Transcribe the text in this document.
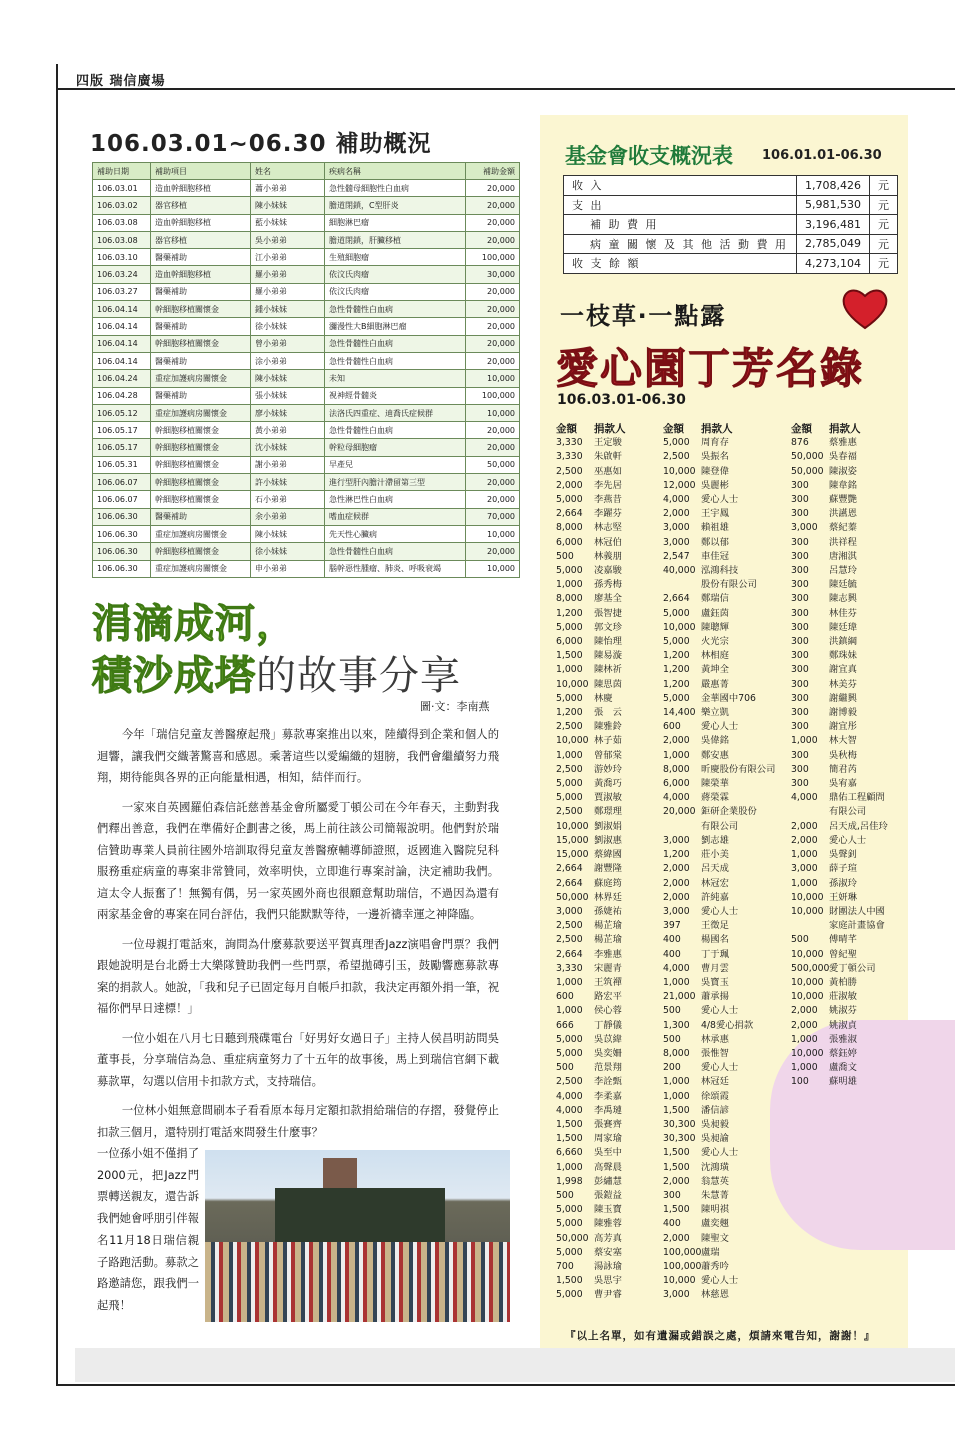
四版 瑞信廣場
106.03.01~06.30 補助概況
補助日期	補助項目	姓名	疾病名稱	補助金額
106.03.01	造血幹細胞移植	蕭小弟弟	急性髓母細胞性白血病	20,000
106.03.02	器官移植	陳小妹妹	膽道閉鎖，C型肝炎	20,000
106.03.08	造血幹細胞移植	藍小妹妹	細胞淋巴瘤	20,000
106.03.08	器官移植	吳小弟弟	膽道閉鎖，肝臟移植	20,000
106.03.10	醫藥補助	江小弟弟	生殖細胞瘤	100,000
106.03.24	造血幹細胞移植	羅小弟弟	依汶氏肉瘤	30,000
106.03.27	醫藥補助	羅小弟弟	依汶氏肉瘤	20,000
106.04.14	幹細胞移植關懷金	鍾小妹妹	急性骨髓性白血病	20,000
106.04.14	醫藥補助	徐小妹妹	瀰漫性大B細胞淋巴瘤	20,000
106.04.14	幹細胞移植關懷金	曾小弟弟	急性骨髓性白血病	20,000
106.04.14	醫藥補助	涂小弟弟	急性骨髓性白血病	20,000
106.04.24	重症加護病房關懷金	陳小妹妹	未知	10,000
106.04.28	醫藥補助	張小妹妹	視神經骨髓炎	100,000
106.05.12	重症加護病房關懷金	廖小妹妹	法洛氏四重症、迪喬氏症候群	10,000
106.05.17	幹細胞移植關懷金	黃小弟弟	急性骨髓性白血病	20,000
106.05.17	幹細胞移植關懷金	沈小妹妹	幹粒母細胞瘤	20,000
106.05.31	幹細胞移植關懷金	謝小弟弟	早產兒	50,000
106.06.07	幹細胞移植關懷金	許小妹妹	進行型肝內膽汁滯留第三型	20,000
106.06.07	幹細胞移植關懷金	石小弟弟	急性淋巴性白血病	20,000
106.06.30	醫藥補助	余小弟弟	嗜血症候群	70,000
106.06.30	重症加護病房關懷金	陳小妹妹	先天性心臟病	10,000
106.06.30	幹細胞移植關懷金	徐小妹妹	急性骨髓性白血病	20,000
106.06.30	重症加護病房關懷金	申小弟弟	腦幹惡性腫瘤、肺炎、呼吸衰竭	10,000
涓滴成河，
積沙成塔的故事分享
圖‧文：李南燕

今年「瑞信兒童友善醫療起飛」募款專案推出以來，陸續得到企業和個人的迴響，讓我們交織著驚喜和感恩。乘著這些以愛編織的翅膀，我們會繼續努力飛翔，期待能與各界的正向能量相遇，相知，結伴而行。

一家來自英國羅伯森信託慈善基金會所屬愛丁頓公司在今年春天，主動對我們釋出善意，我們在準備好企劃書之後，馬上前往該公司簡報說明。他們對於瑞信贊助專業人員前往國外培訓取得兒童友善醫療輔導師證照，返國進入醫院兒科服務重症病童的專案非常贊同，效率明快，立即進行專案討論，決定補助我們。這太令人振奮了！無獨有偶，另一家英國外商也很願意幫助瑞信，不過因為還有兩家基金會的專案在同台評估，我們只能默默等待，一邊祈禱幸運之神降臨。

一位母親打電話來，詢問為什麼募款要送平賀真理香Jazz演唱會門票？我們跟她說明是台北爵士大樂隊贊助我們一些門票，希望拋磚引玉，鼓勵響應募款專案的捐款人。她說，「我和兒子已固定每月自帳戶扣款，我決定再額外捐一筆，祝福你們早日達標！」

一位小姐在八月七日聽到飛碟電台「好男好女過日子」主持人侯昌明訪問吳董事長，分享瑞信為急、重症病童努力了十五年的故事後，馬上到瑞信官網下載募款單，勾選以信用卡扣款方式，支持瑞信。

一位林小姐無意間刷本子看看原本每月定額扣款捐給瑞信的存摺，發覺停止扣款三個月，還特別打電話來問發生什麼事？

一位孫小姐不僅捐了2000元，把Jazz門票轉送親友，還告訴我們她會呼朋引伴報名11月18日瑞信親子路跑活動。募款之路邀請您，跟我們一起飛！
基金會收支概況表 106.01.01-06.30
收 入	1,708,426	元
支 出	5,981,530	元
補 助 費 用	3,196,481	元
病 童 關 懷 及 其 他 活 動 費 用	2,785,049	元
收 支 餘 額	4,273,104	元
一枝草‧一點露
愛心園丁芳名錄
106.03.01-06.30
金額	捐款人
3,330	王定駿
3,330	朱啟軒
2,500	巫惠如
2,000	李先居
5,000	李燕昔
2,664	李躍芬
8,000	林志堅
6,000	林冠伯
500	林義朋
5,000	凌嘉駿
1,000	孫秀梅
8,000	廖基全
1,200	張智捷
5,000	郭文珍
6,000	陳怡理
1,500	陳易漩
1,000	陳林祈
10,000 陳思茵
5,000	林慶
1,200	張　云
2,500	陳雅鈴
10,000 林子茹
1,000	曾郁棠
2,500	游妙玲
5,000	黃喬巧
5,000	賈淑敏
2,500	鄭璟理
10,000 劉淑娟
15,000 劉淑惠
15,000 蔡緯國
2,664	謝豐隆
2,664	蘇庭筠
50,000 林界廷
3,000	孫婕祐
2,500	楊芷瑜
2,500	楊芷瑜
2,664	李雅惠
3,330	宋麗青
1,000	王筑禪
600	路宏平
1,000	侯心蓉
666	丁靜儀
5,000	吳苡緯
5,000	吳奕姍
500	范景翔
2,500	李詮甄
4,000	李柔嘉
4,000	李禹璉
1,500	張賽齊
1,500	周家瑜
6,660	吳至中
1,000	高聲晨
1,998	彭繡慧
500	張鎧益
5,000	陳玉寶
5,000	陳雅蓉
50,000 高芳真
5,000	蔡安塞
700	湯詠瑜
1,500	吳思宇
5,000	曹尹睿
金額	捐款人
5,000	周育存
2,500	吳振名
10,000 陳登偉
12,000 吳麗彬
4,000	愛心人士
2,000	王宇鳳
3,000	賴祖雄
3,000	鄭以郁
2,547	車佳冠
40,000 泓鴻科技
股份有限公司
2,664	鄭瑞信
5,000	盧鈺茵
10,000 陳聰輝
5,000	火光宗
1,200	林相庭
1,200	黃坤全
1,200	嚴惠菁
5,000	金華國中706
14,400 樂立凱
600	愛心人士
2,000	吳偉銘
1,000	鄭安惠
8,000	昕慶股份有限公司
6,000	陳榮華
4,000	蔣榮霖
20,000 鉅研企業股份
有限公司
3,000	劉志雄
1,200	莊小美
2,000	呂天成
2,000	林冠宏
2,000	許純嘉
3,000	愛心人士
397	王徵足
400	楊國名
400	丁于珮
4,000	曹月雲
1,000	吳寶玉
21,000 蕭承揚
500	愛心人士
1,300	4/8愛心捐款
500	林承惠
8,000	張惟智
200	愛心人士
1,000	林冠廷
1,000	徐頌霞
1,500	潘信諺
30,300 吳昶毅
30,300 吳昶諭
1,500	愛心人士
1,500	沈鴻璜
2,000	翁慧英
300	朱慧菁
1,500	陳明祺
400	盧奕翹
2,000	陳聖文
100,000 盧瑞
100,000 蕭秀吟
10,000 愛心人士
3,000	林慈恩
金額	捐款人
876	蔡雅惠
50,000 吳春福
50,000 陳淑姿
300	陳韋銘
300	蘇豐艷
300	洪讌恩
3,000	蔡紀蓁
300	洪祥程
300	唐湘淇
300	呂慧玲
300	陳廷毓
300	陳志興
300	林佳芬
300	陳廷瑋
300	洪鎮綱
300	鄭珠妹
300	謝宜真
300	林美芬
300	謝繼興
300	謝博毅
300	謝宜彤
1,000	林大智
300	吳秋梅
300	簡君芮
300	吳宥嘉
4,000	鼎佑工程顧問
有限公司
2,000	呂天成,呂佳玲
2,000	愛心人士
1,000	吳聲釗
3,000	薛子瑄
1,000	孫淑玲
10,000 王妍琳
10,000 財團法人中國
家庭計畫協會
500	傅晴芊
10,000 曾紀聖
500,000 愛丁頓公司
10,000 黃柏勝
10,000 莊淑敏
2,000	姚淑芬
2,000	姚淑貞
1,000	張雅淑
10,000 蔡鈺婷
1,000	盧喬文
100	蘇明雄
『以上名單，如有遺漏或錯誤之處，煩請來電告知，謝謝！』
